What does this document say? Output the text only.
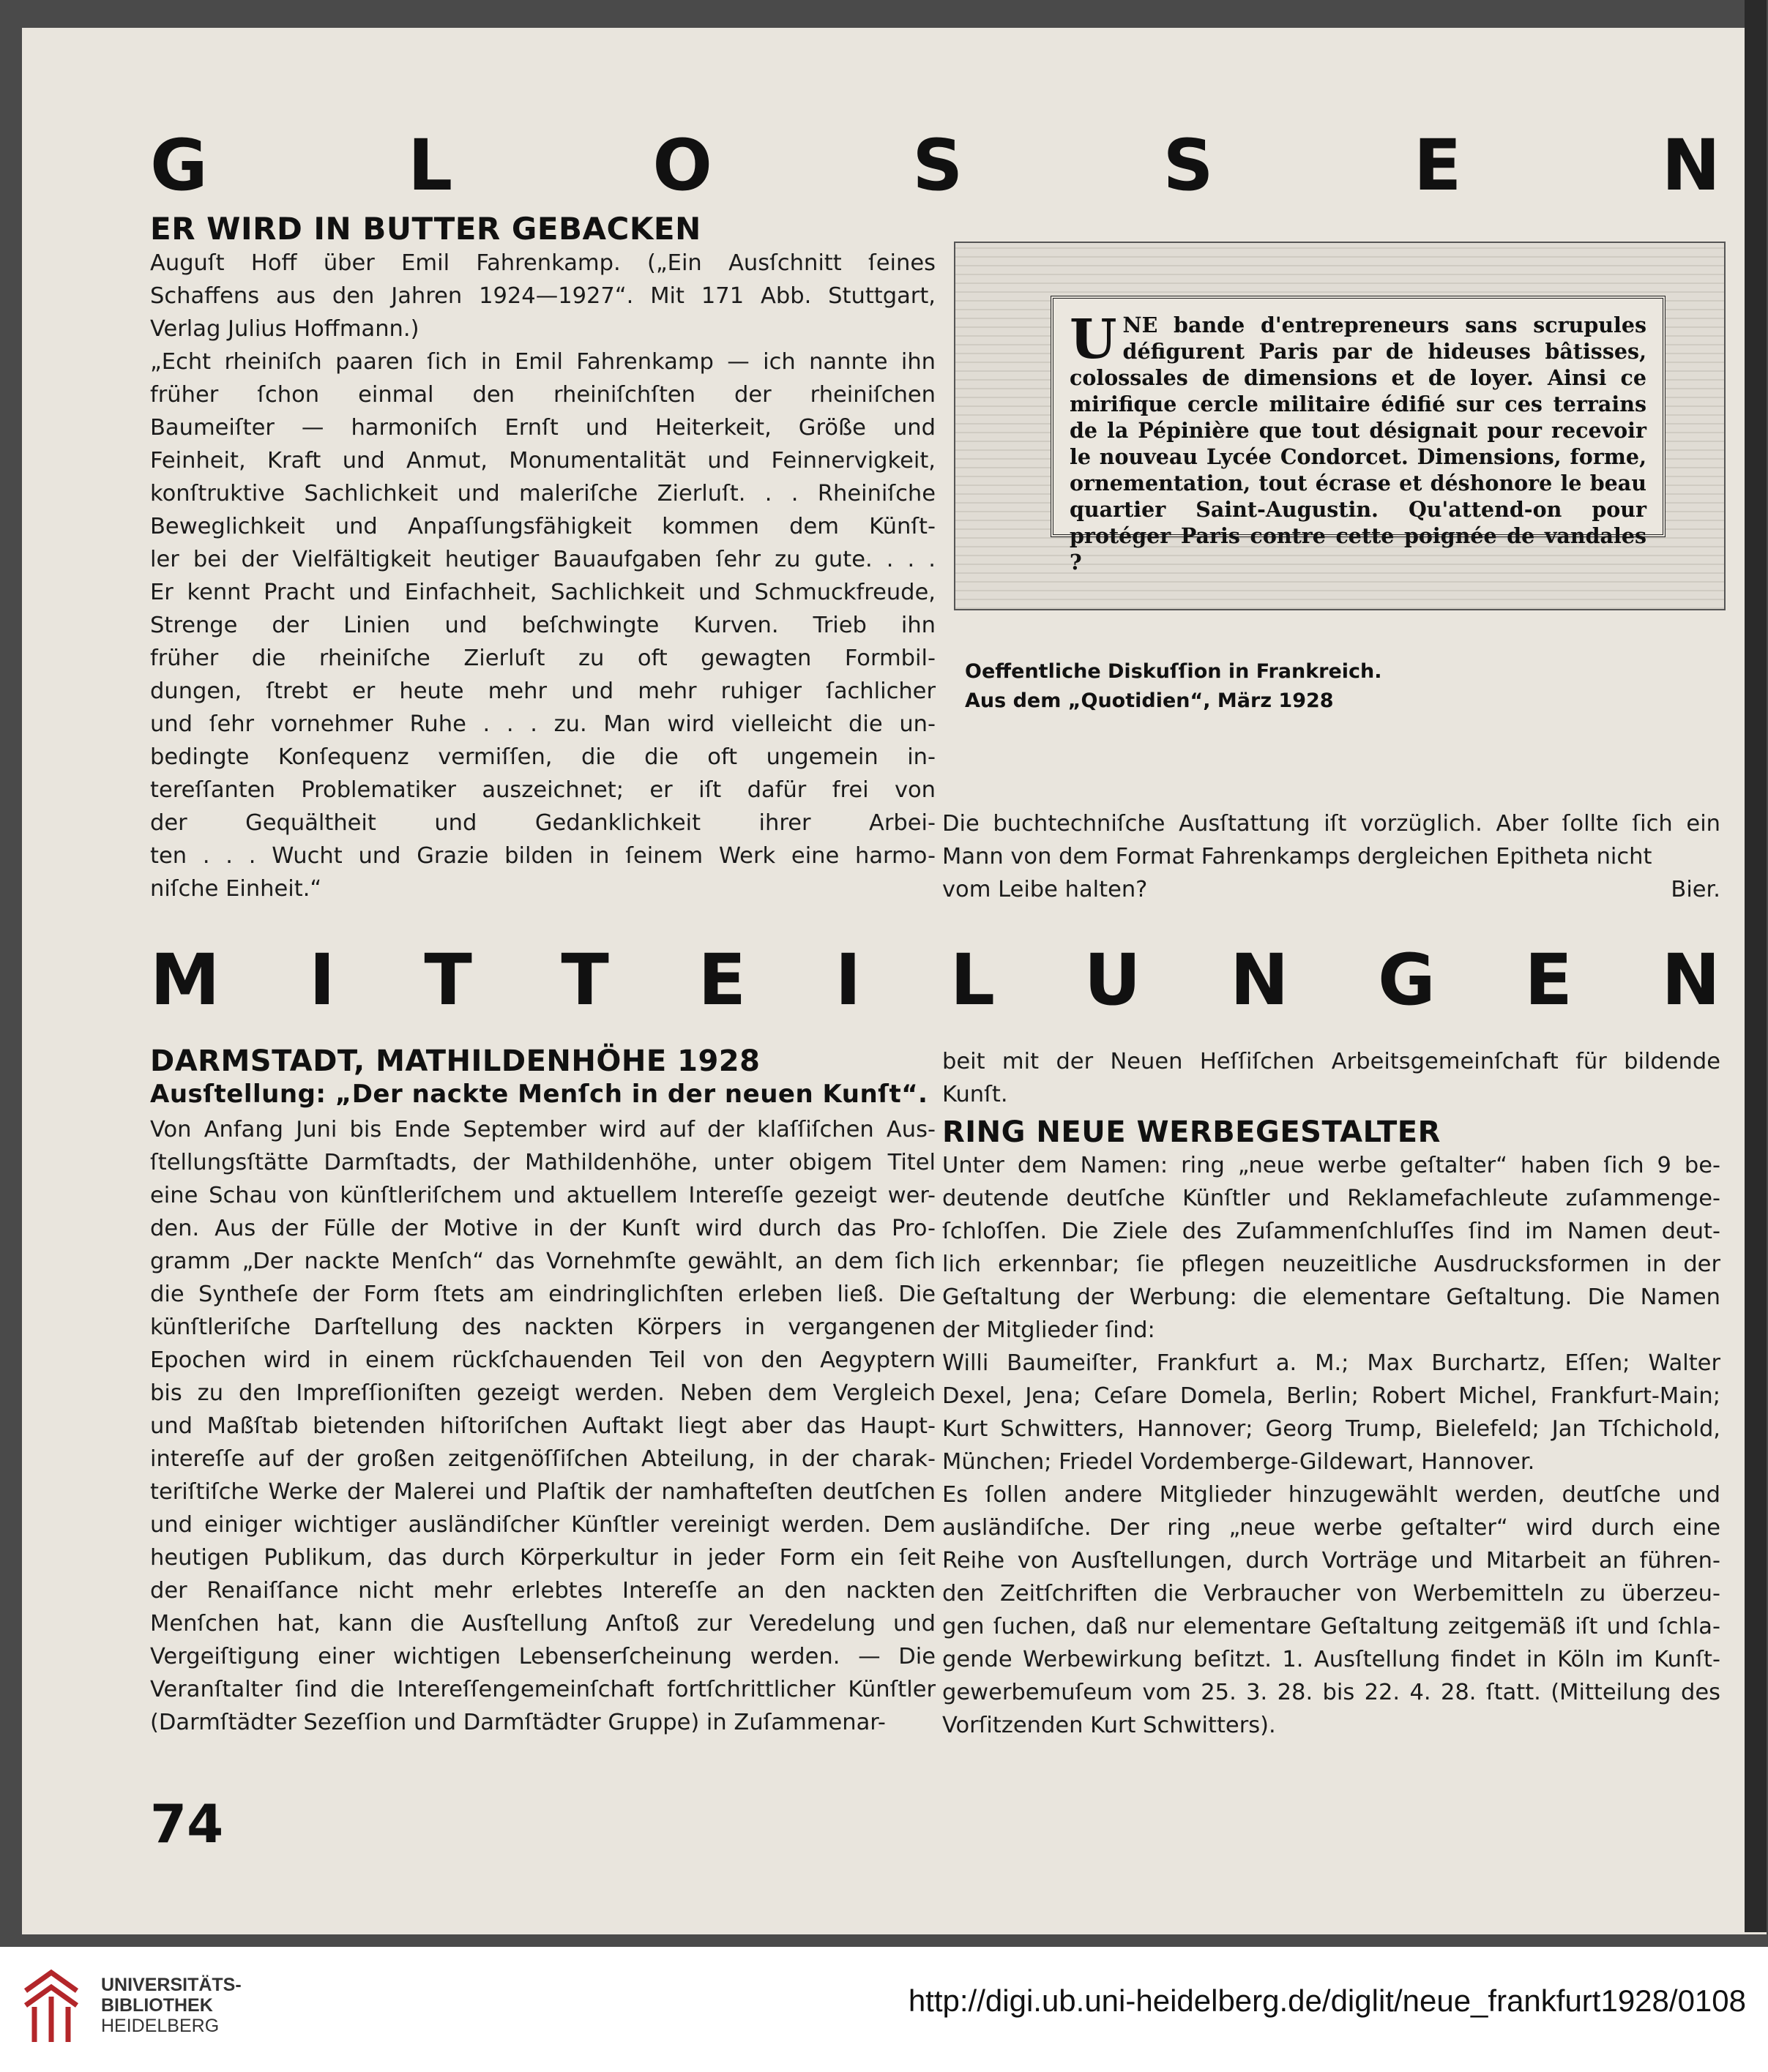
G	L	O	S	S	E	N

ER WIRD IN BUTTER GEBACKEN

Auguſt Hoff über Emil Fahrenkamp. („Ein Ausſchnitt ſeines

Schaffens aus den Jahren 1924—1927“. Mit 171 Abb. Stuttgart,

Verlag Julius Hoffmann.)

„Echt rheiniſch paaren ſich in Emil Fahrenkamp — ich nannte ihn

früher ſchon einmal den rheiniſchſten der rheiniſchen

Baumeiſter — harmoniſch Ernſt und Heiterkeit, Größe und

Feinheit, Kraft und Anmut, Monumentalität und Feinnervigkeit,

konſtruktive Sachlichkeit und maleriſche Zierluſt. . . Rheiniſche

Beweglichkeit und Anpaſſungsfähigkeit kommen dem Künſt-

ler bei der Vielfältigkeit heutiger Bauaufgaben ſehr zu gute. . . .

Er kennt Pracht und Einfachheit, Sachlichkeit und Schmuckfreude,

Strenge der Linien und beſchwingte Kurven. Trieb ihn

früher die rheiniſche Zierluſt zu oft gewagten Formbil-

dungen, ſtrebt er heute mehr und mehr ruhiger ſachlicher

und ſehr vornehmer Ruhe . . . zu. Man wird vielleicht die un-

bedingte Konſequenz vermiſſen, die die oft ungemein in-

tereſſanten Problematiker auszeichnet; er iſt dafür frei von

der Gequältheit und Gedanklichkeit ihrer Arbei-

ten . . . Wucht und Grazie bilden in ſeinem Werk eine harmo-

niſche Einheit.“

U NE bande d'entrepreneurs sans scrupules défigurent Paris par de hideuses bâtisses, colossales de dimensions et de loyer. Ainsi ce mirifique cercle militaire édifié sur ces terrains de la Pépinière que tout désignait pour recevoir le nouveau Lycée Condorcet. Dimensions, forme, ornementation, tout écrase et déshonore le beau quartier Saint-Augustin. Qu'attend-on pour protéger Paris contre cette poignée de vandales ?

Oeffentliche Diskuſſion in Frankreich.

Aus dem „Quotidien“, März 1928

Die buchtechniſche Ausſtattung iſt vorzüglich. Aber ſollte ſich ein

Mann von dem Format Fahrenkamps dergleichen Epitheta nicht

vom Leibe halten?	Bier.

M I T T E I L U N G E N

DARMSTADT, MATHILDENHÖHE 1928

Ausſtellung: „Der nackte Menſch in der neuen Kunſt“.

Von Anfang Juni bis Ende September wird auf der klaſſiſchen Aus-

ſtellungsſtätte Darmſtadts, der Mathildenhöhe, unter obigem Titel

eine Schau von künſtleriſchem und aktuellem Intereſſe gezeigt wer-

den. Aus der Fülle der Motive in der Kunſt wird durch das Pro-

gramm „Der nackte Menſch“ das Vornehmſte gewählt, an dem ſich

die Syntheſe der Form ſtets am eindringlichſten erleben ließ. Die

künſtleriſche Darſtellung des nackten Körpers in vergangenen

Epochen wird in einem rückſchauenden Teil von den Aegyptern

bis zu den Impreſſioniſten gezeigt werden. Neben dem Vergleich

und Maßſtab bietenden hiſtoriſchen Auftakt liegt aber das Haupt-

intereſſe auf der großen zeitgenöſſiſchen Abteilung, in der charak-

teriſtiſche Werke der Malerei und Plaſtik der namhafteſten deutſchen

und einiger wichtiger ausländiſcher Künſtler vereinigt werden. Dem

heutigen Publikum, das durch Körperkultur in jeder Form ein ſeit

der Renaiſſance nicht mehr erlebtes Intereſſe an den nackten

Menſchen hat, kann die Ausſtellung Anſtoß zur Veredelung und

Vergeiſtigung einer wichtigen Lebenserſcheinung werden. — Die

Veranſtalter ſind die Intereſſengemeinſchaft fortſchrittlicher Künſtler

(Darmſtädter Sezeſſion und Darmſtädter Gruppe) in Zuſammenar-

beit mit der Neuen Heſſiſchen Arbeitsgemeinſchaft für bildende

Kunſt.

RING NEUE WERBEGESTALTER

Unter dem Namen: ring „neue werbe geſtalter“ haben ſich 9 be-

deutende deutſche Künſtler und Reklamefachleute zuſammenge-

ſchloſſen. Die Ziele des Zuſammenſchluſſes ſind im Namen deut-

lich erkennbar; ſie pflegen neuzeitliche Ausdrucksformen in der

Geſtaltung der Werbung: die elementare Geſtaltung. Die Namen

der Mitglieder ſind:

Willi Baumeiſter, Frankfurt a. M.; Max Burchartz, Eſſen; Walter

Dexel, Jena; Ceſare Domela, Berlin; Robert Michel, Frankfurt-Main;

Kurt Schwitters, Hannover; Georg Trump, Bielefeld; Jan Tſchichold,

München; Friedel Vordemberge-Gildewart, Hannover.

Es ſollen andere Mitglieder hinzugewählt werden, deutſche und

ausländiſche. Der ring „neue werbe geſtalter“ wird durch eine

Reihe von Ausſtellungen, durch Vorträge und Mitarbeit an führen-

den Zeitſchriften die Verbraucher von Werbemitteln zu überzeu-

gen ſuchen, daß nur elementare Geſtaltung zeitgemäß iſt und ſchla-

gende Werbewirkung beſitzt. 1. Ausſtellung findet in Köln im Kunſt-

gewerbemuſeum vom 25. 3. 28. bis 22. 4. 28. ſtatt. (Mitteilung des

Vorſitzenden Kurt Schwitters).

74
UNIVERSITÄTS-
BIBLIOTHEK
HEIDELBERG
http://digi.ub.uni-heidelberg.de/diglit/neue_frankfurt1928/0108
